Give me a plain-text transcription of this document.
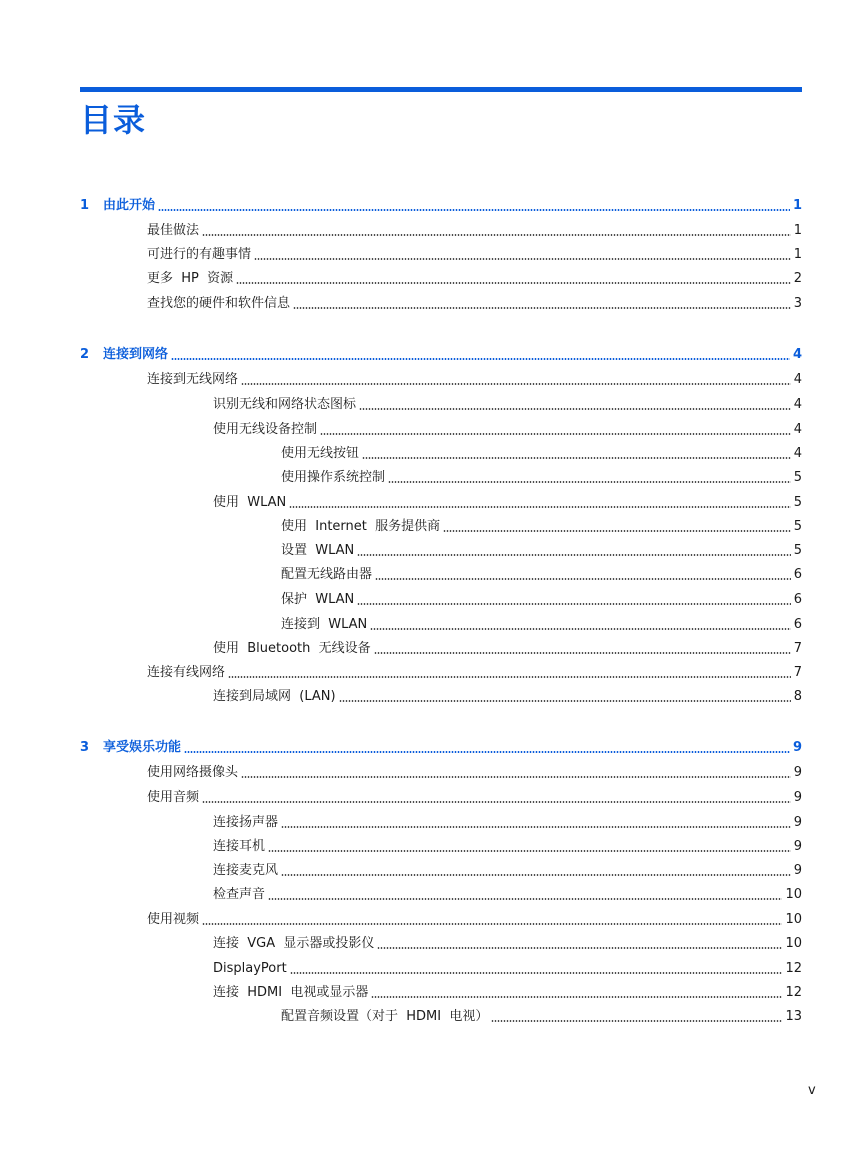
目录
1	由此开始	1
最佳做法	1
可进行的有趣事情	1
更多  HP  资源	2
查找您的硬件和软件信息	3
2	连接到网络	4
连接到无线网络	4
识别无线和网络状态图标	4
使用无线设备控制	4
使用无线按钮	4
使用操作系统控制	5
使用  WLAN	5
使用  Internet  服务提供商	5
设置  WLAN	5
配置无线路由器	6
保护  WLAN	6
连接到  WLAN	6
使用  Bluetooth  无线设备	7
连接有线网络	7
连接到局域网  (LAN)	8
3	享受娱乐功能	9
使用网络摄像头	9
使用音频	9
连接扬声器	9
连接耳机	9
连接麦克风	9
检查声音	10
使用视频	10
连接  VGA  显示器或投影仪	10
DisplayPort	12
连接  HDMI  电视或显示器	12
配置音频设置（对于  HDMI  电视）	13
v
